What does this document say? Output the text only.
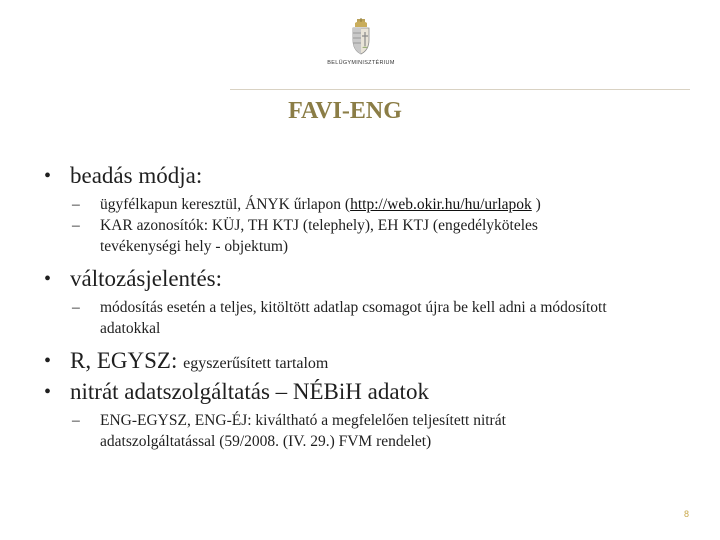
BELÜGYMINISZTÉRIUM
FAVI-ENG

• beadás módja:

– ügyfélkapun keresztül, ÁNYK űrlapon (http://web.okir.hu/hu/urlapok )

– KAR azonosítók: KÜJ, TH KTJ (telephely), EH KTJ (engedélyköteles tevékenységi hely - objektum)

• változásjelentés:

– módosítás esetén a teljes, kitöltött adatlap csomagot újra be kell adni a módosított adatokkal

• R, EGYSZ: egyszerűsített tartalom

• nitrát adatszolgáltatás – NÉBiH adatok

– ENG-EGYSZ, ENG-ÉJ: kiváltható a megfelelően teljesített nitrát adatszolgáltatással (59/2008. (IV. 29.) FVM rendelet)

8
